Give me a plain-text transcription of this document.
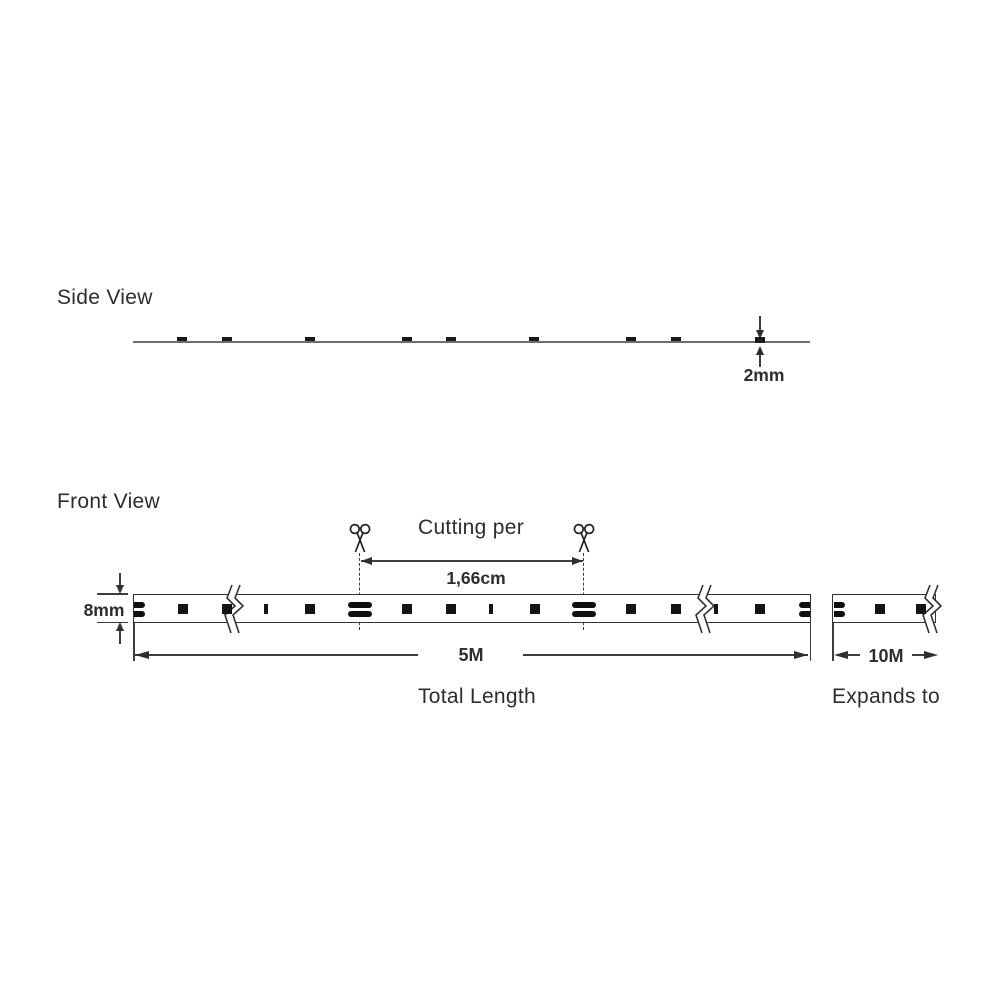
Side View
2mm
Front View
Cutting per
1,66cm
8mm
5M
Total Length
10M
Expands to
